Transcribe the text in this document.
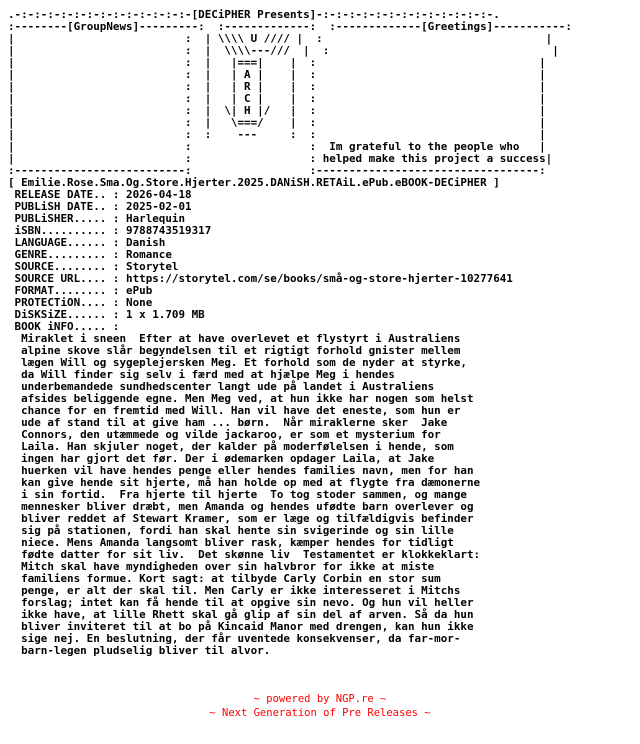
.-:-:-:-:-:-:-:-:-:-:-:-:-:-[DECiPHER Presents]-:-:-:-:-:-:-:-:-:-:-:-:-:-.
:--------[GroupNews]---------:  :-------------:  :-------------[Greetings]-----------:
|                          :  | \\\\ U //// |  :                                  |
|                          :  |  \\\\---///  |  :                                  |
|                          :  |   |===|    |  :                                  |
|                          :  |   | A |    |  :                                  |
|                          :  |   | R |    |  :                                  |
|                          :  |   | C |    |  :                                  |
|                          :  |  \| H |/   |  :                                  |
|                          :  |   \===/    |  :                                  |
|                          :  :    ---     :  :                                  |
|                          :                  :  Im grateful to the people who   |
|                          :                  : helped make this project a success|
:--------------------------:                  :----------------------------------:
[ Emilie.Rose.Sma.Og.Store.Hjerter.2025.DANiSH.RETAiL.ePub.eBOOK-DECiPHER ]
RELEASE DATE.. : 2026-04-18
PUBLiSH DATE.. : 2025-02-01
PUBLiSHER..... : Harlequin
iSBN.......... : 9788743519317
LANGUAGE...... : Danish
GENRE......... : Romance
SOURCE........ : Storytel
SOURCE URL.... : https://storytel.com/se/books/små-og-store-hjerter-10277641
FORMAT........ : ePub
PROTECTiON.... : None
DiSKSiZE...... : 1 x 1.709 MB
BOOK iNFO..... :
Miraklet i sneen  Efter at have overlevet et flystyrt i Australiens
alpine skove slår begyndelsen til et rigtigt forhold gnister mellem
lægen Will og sygeplejersken Meg. Et forhold som de nyder at styrke,
da Will finder sig selv i færd med at hjælpe Meg i hendes
underbemandede sundhedscenter langt ude på landet i Australiens
afsides beliggende egne. Men Meg ved, at hun ikke har nogen som helst
chance for en fremtid med Will. Han vil have det eneste, som hun er
ude af stand til at give ham ... børn.  Når miraklerne sker  Jake
Connors, den utæmmede og vilde jackaroo, er som et mysterium for
Laila. Han skjuler noget, der kalder på moderfølelsen i hende, som
ingen har gjort det før. Der i ødemarken opdager Laila, at Jake
huerken vil have hendes penge eller hendes families navn, men for han
kan give hende sit hjerte, må han holde op med at flygte fra dæmonerne
i sin fortid.  Fra hjerte til hjerte  To tog stoder sammen, og mange
mennesker bliver dræbt, men Amanda og hendes ufødte barn overlever og
bliver reddet af Stewart Kramer, som er læge og tilfældigvis befinder
sig på stationen, fordi han skal hente sin svigerinde og sin lille
niece. Mens Amanda langsomt bliver rask, kæmper hendes for tidligt
fødte datter for sit liv.  Det skønne liv  Testamentet er klokkeklart:
Mitch skal have myndigheden over sin halvbror for ikke at miste
familiens formue. Kort sagt: at tilbyde Carly Corbin en stor sum
penge, er alt der skal til. Men Carly er ikke interesseret i Mitchs
forslag; intet kan få hende til at opgive sin nevo. Og hun vil heller
ikke have, at lille Rhett skal gå glip af sin del af arven. Så da hun
bliver inviteret til at bo på Kincaid Manor med drengen, kan hun ikke
sige nej. En beslutning, der får uventede konsekvenser, da far-mor-
barn-legen pludselig bliver til alvor.
~ powered by NGP.re ~
~ Next Generation of Pre Releases ~
